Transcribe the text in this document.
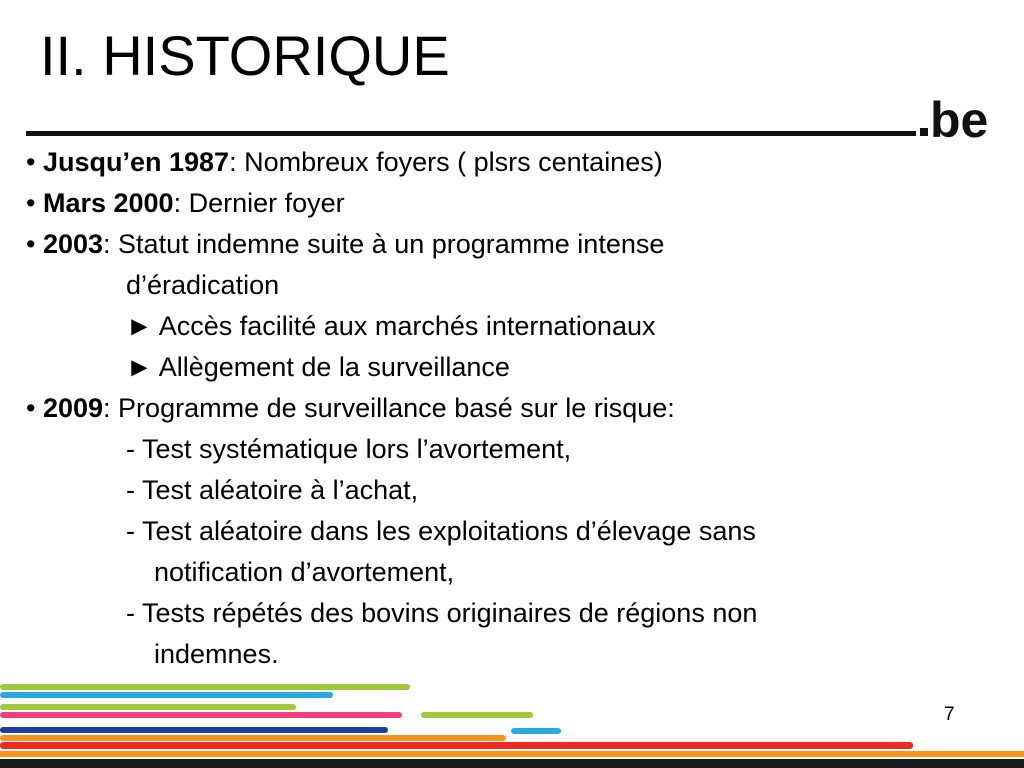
II. HISTORIQUE
be
• Jusqu’en 1987: Nombreux foyers ( plsrs centaines)
• Mars 2000: Dernier foyer
• 2003: Statut indemne suite à un programme intense
d’éradication
► Accès facilité aux marchés internationaux
► Allègement de la surveillance
• 2009: Programme de surveillance basé sur le risque:
- Test systématique lors l’avortement,
- Test aléatoire à l’achat,
- Test aléatoire dans les exploitations d’élevage sans
notification d’avortement,
- Tests répétés des bovins originaires de régions non
indemnes.
7
